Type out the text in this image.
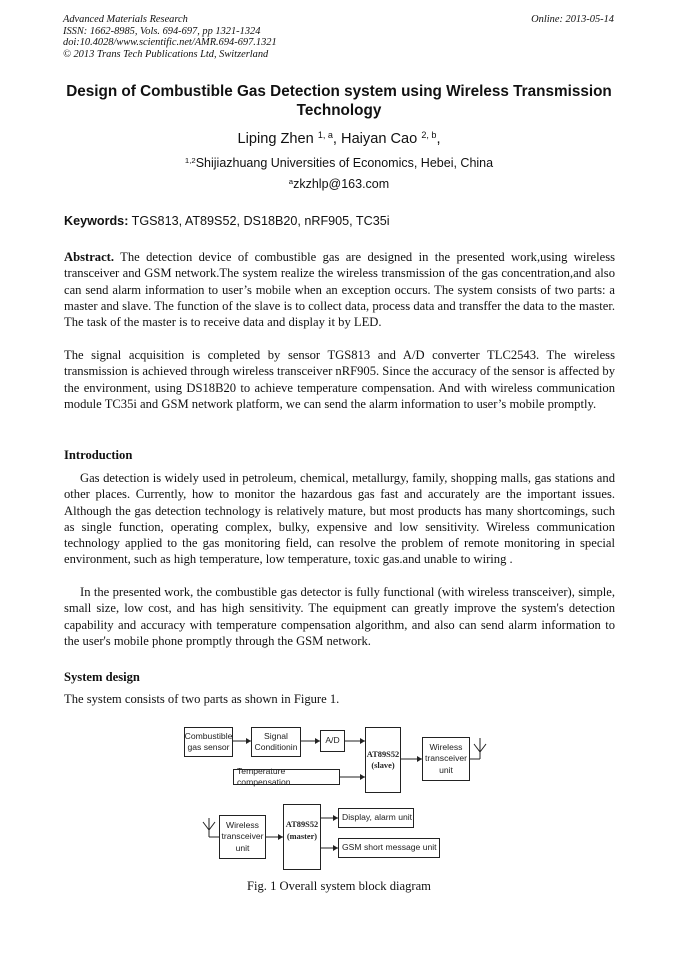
Advanced Materials Research
ISSN: 1662-8985, Vols. 694-697, pp 1321-1324
doi:10.4028/www.scientific.net/AMR.694-697.1321
© 2013 Trans Tech Publications Ltd, Switzerland
Online: 2013-05-14
Design of Combustible Gas Detection system using Wireless Transmission Technology
Liping Zhen $^{1, a}$, Haiyan Cao $^{2, b}$,
$^{1,2}$Shijiazhuang Universities of Economics, Hebei, China
$^a$zkzhlp@163.com
Keywords: TGS813, AT89S52, DS18B20, nRF905, TC35i

Abstract. The detection device of combustible gas are designed in the presented work,using wireless transceiver and GSM network.The system realize the wireless transmission of the gas concentration,and also can send alarm information to user’s mobile when an exception occurs. The system consists of two parts: a master and slave. The function of the slave is to collect data, process data and transffer the data to the master. The task of the master is to receive data and display it by LED.

The signal acquisition is completed by sensor TGS813 and A/D converter TLC2543. The wireless transmission is achieved through wireless transceiver nRF905. Since the accuracy of the sensor is affected by the environment, using DS18B20 to achieve temperature compensation. And with wireless communication module TC35i and GSM network platform, we can send the alarm information to user’s mobile promptly.

Introduction

Gas detection is widely used in petroleum, chemical, metallurgy, family, shopping malls, gas stations and other places. Currently, how to monitor the hazardous gas fast and accurately are the important issues. Although the gas detection technology is relatively mature, but most products has many shortcomings, such as single function, operating complex, bulky, expensive and low sensitivity. Wireless communication technology applied to the gas monitoring field, can resolve the problem of remote monitoring in special environment, such as high temperature, low temperature, toxic gas.and unable to wiring .

In the presented work, the combustible gas detector is fully functional (with wireless transceiver), simple, small size, low cost, and has high sensitivity. The equipment can greatly improve the system's detection capability and accuracy with temperature compensation algorithm, and also can send alarm information to the user's mobile phone promptly through the GSM network.

System design

The system consists of two parts as shown in Figure 1.

Combustible
gas sensor
Signal
Conditionin
A/D
AT89S52
(slave)
Wireless
transceiver
unit
Temperature compensation
Wireless
transceiver
unit
AT89S52
(master)
Display, alarm unit
GSM short message unit
Fig. 1 Overall system block diagram
